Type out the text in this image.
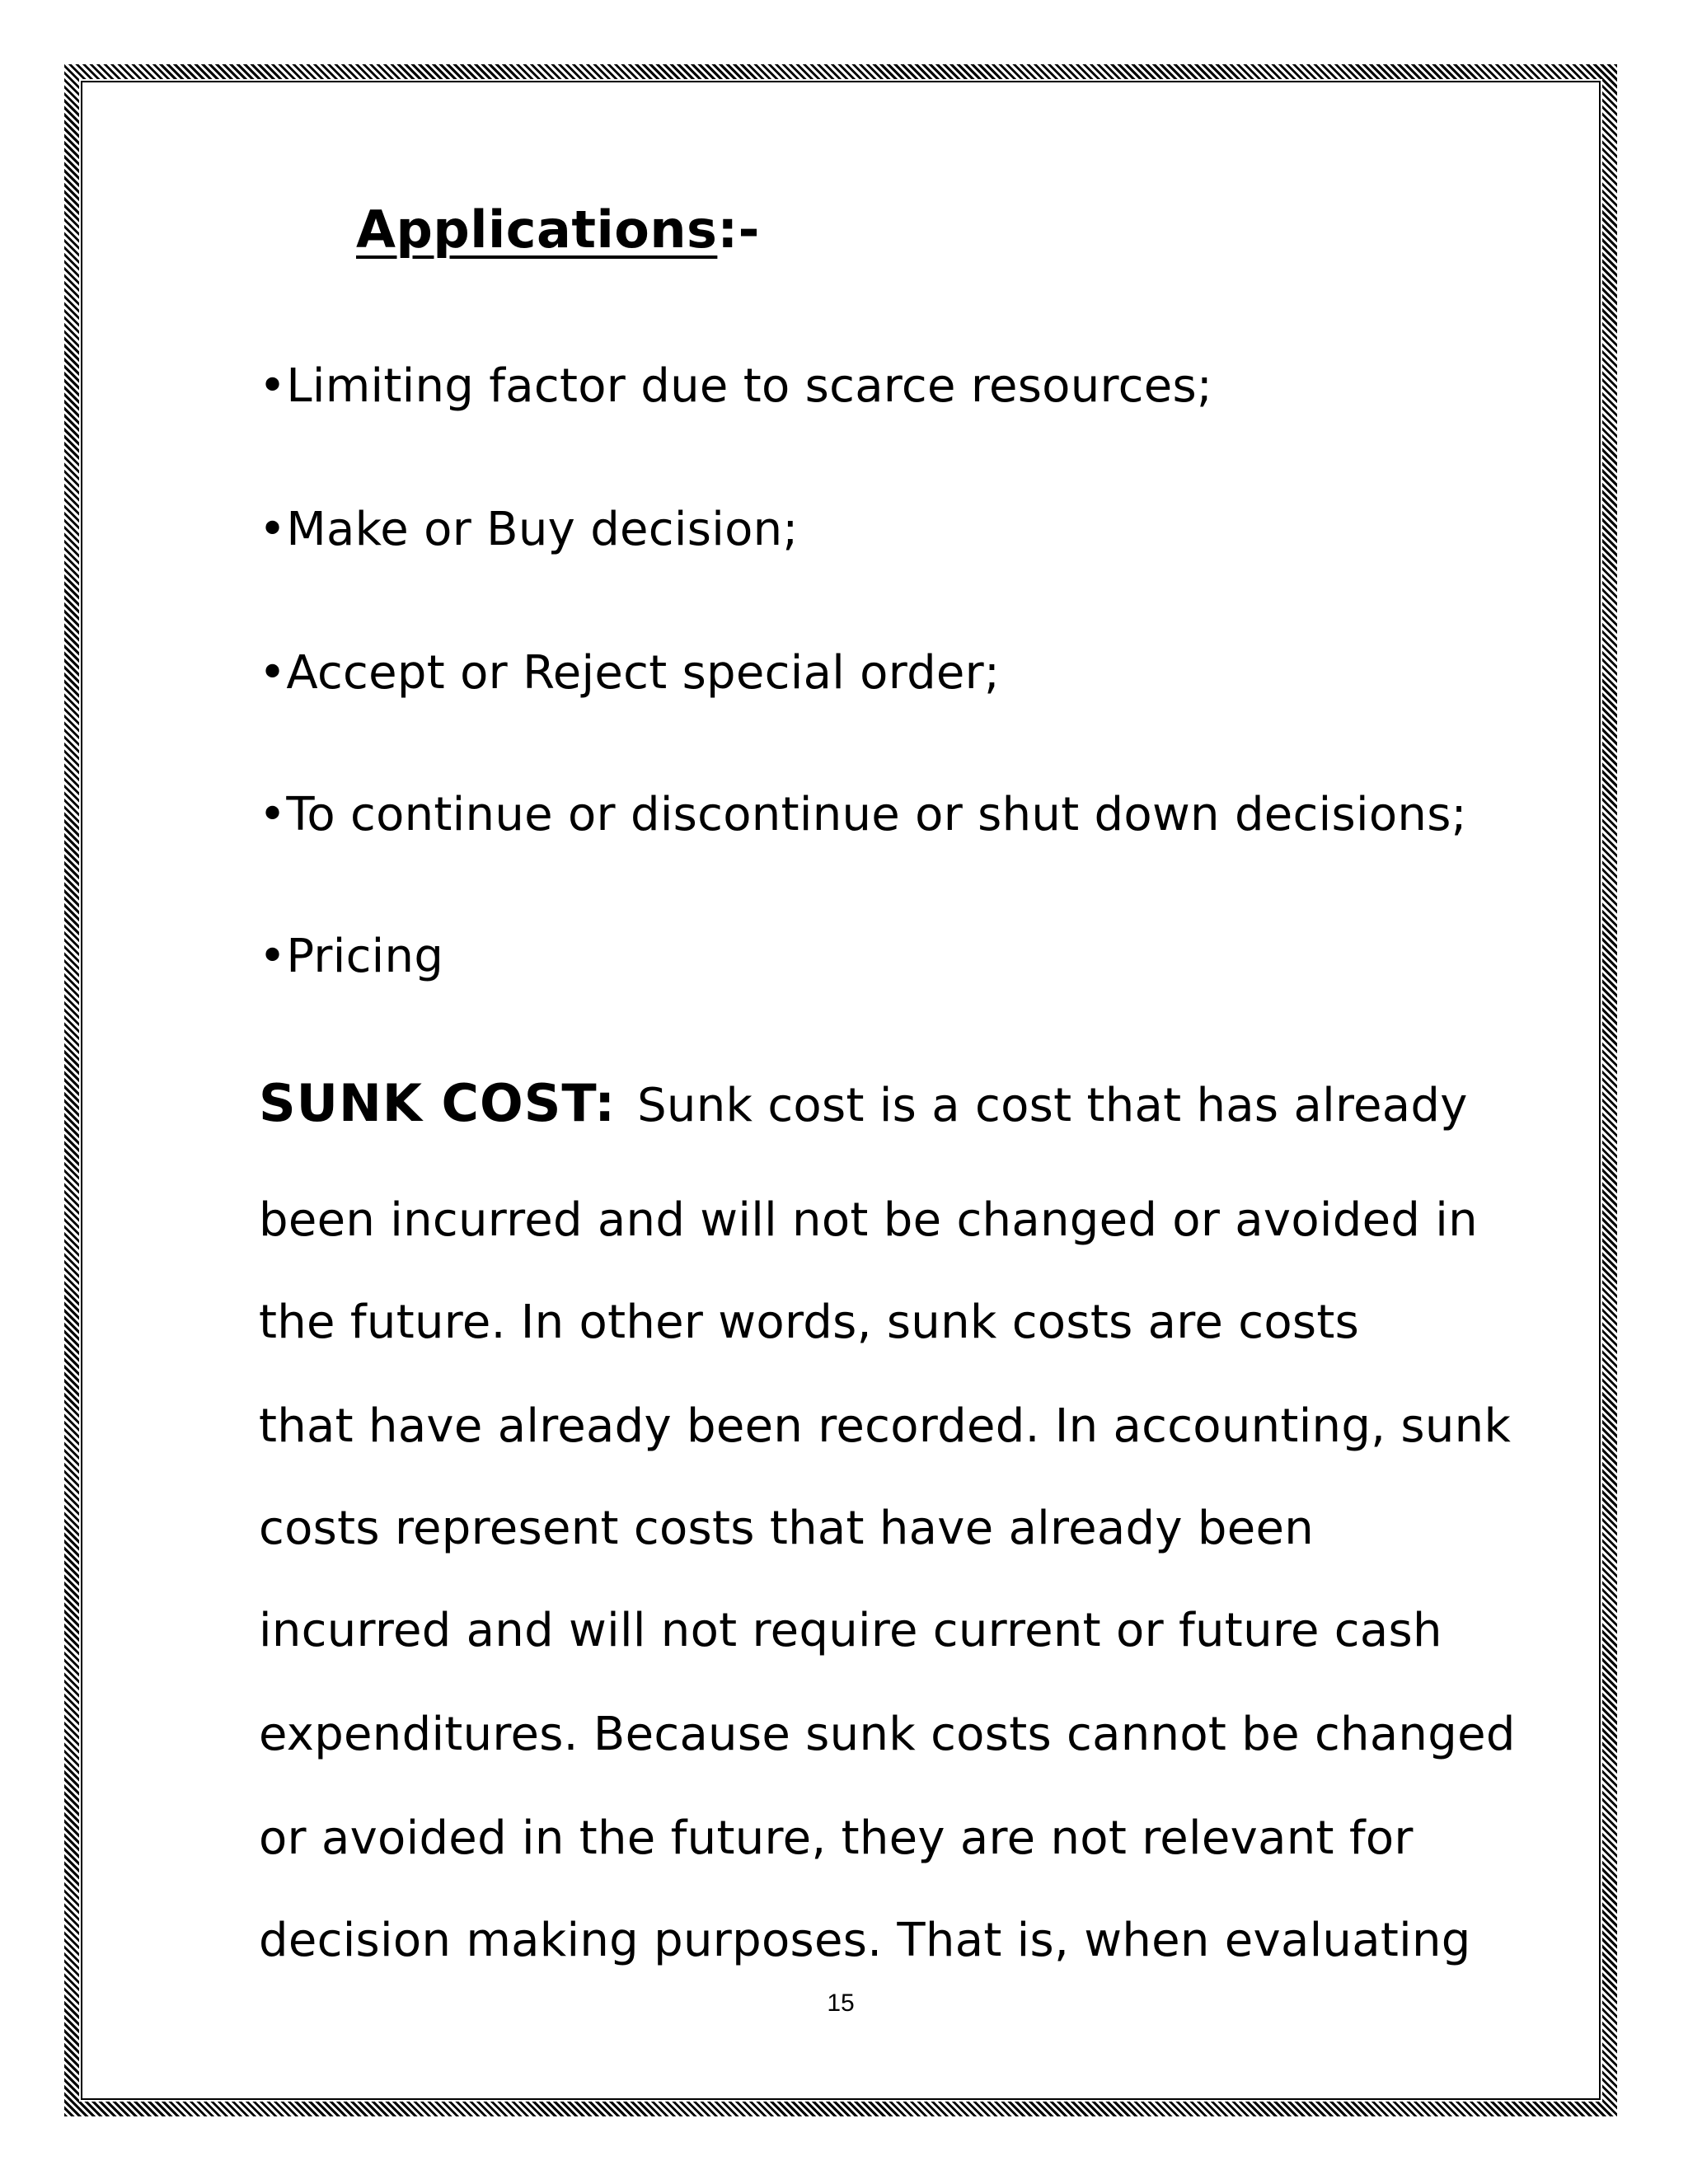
Applications:-
•Limiting factor due to scarce resources;
•Make or Buy decision;
•Accept or Reject special order;
•To continue or discontinue or shut down decisions;
•Pricing
SUNK COST: Sunk cost is a cost that has already
been incurred and will not be changed or avoided in
the future. In other words, sunk costs are costs
that have already been recorded. In accounting, sunk
costs represent costs that have already been
incurred and will not require current or future cash
expenditures. Because sunk costs cannot be changed
or avoided in the future, they are not relevant for
decision making purposes. That is, when evaluating
15
